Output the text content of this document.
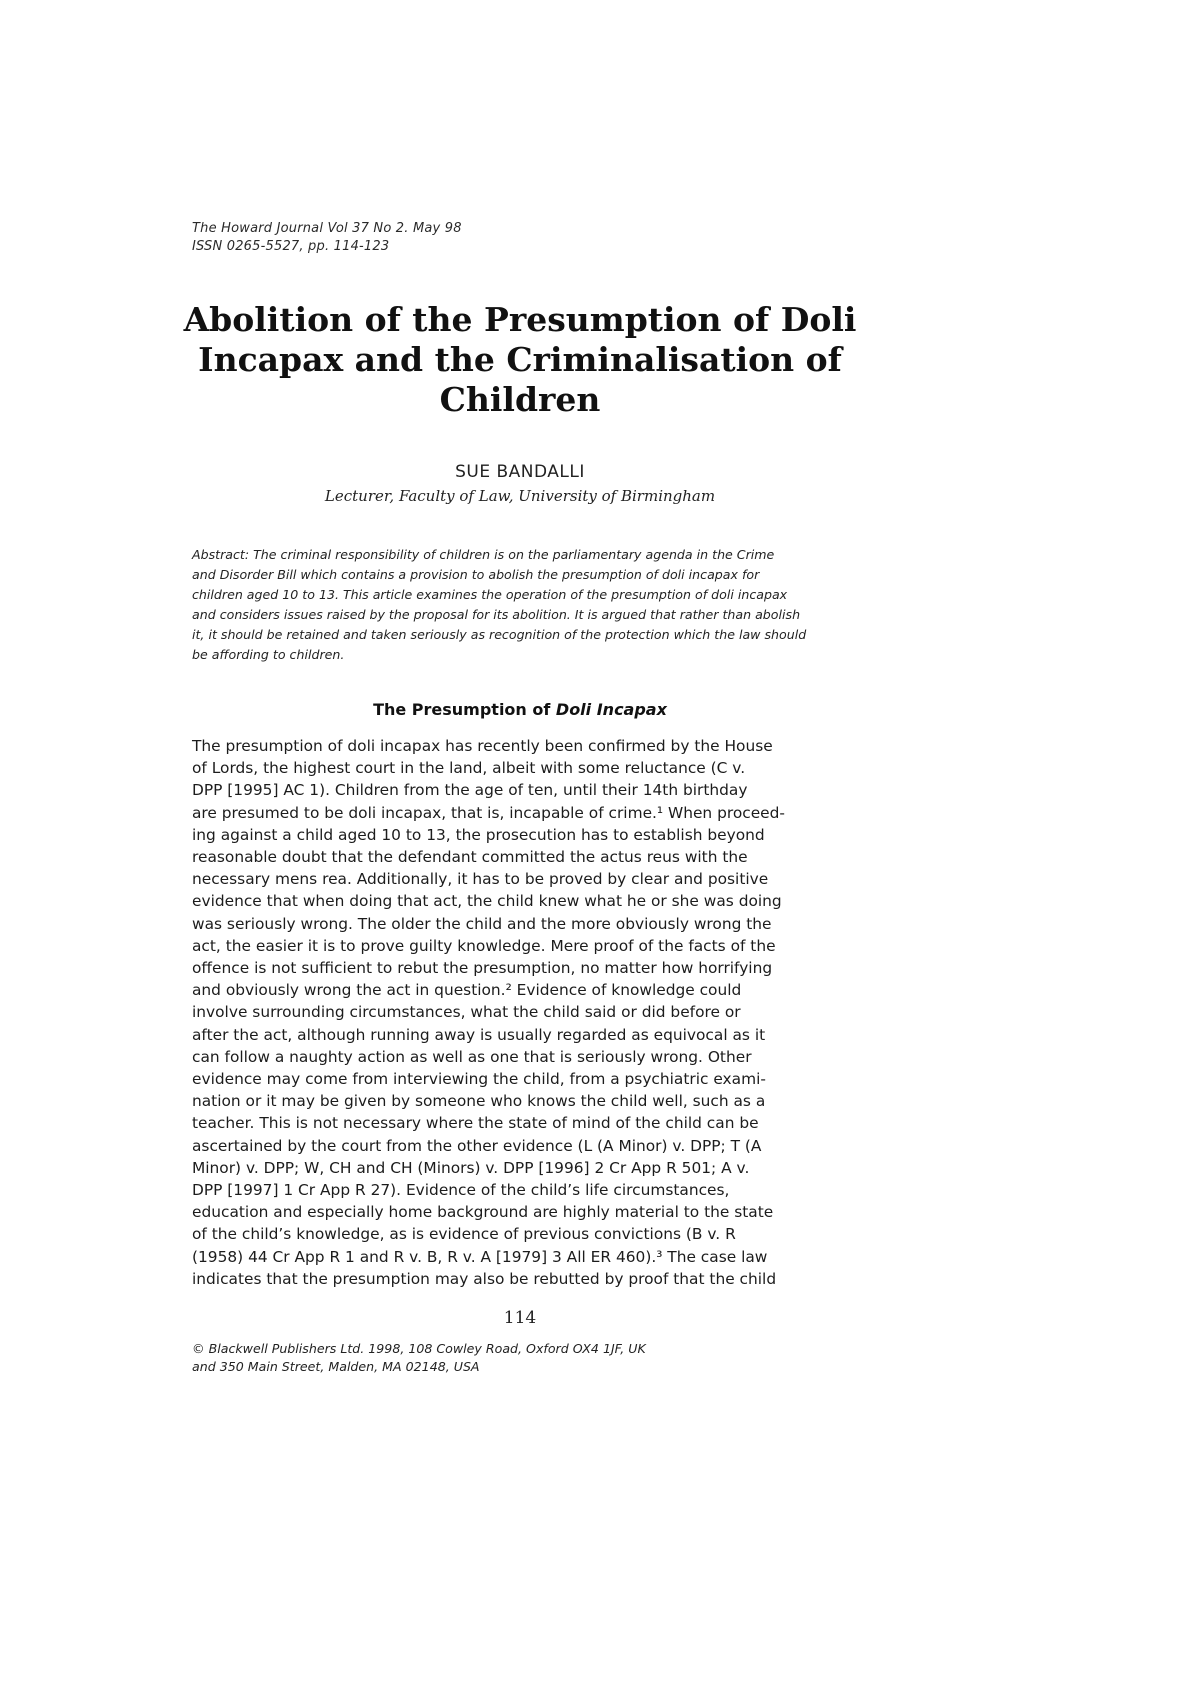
The Howard Journal Vol 37 No 2. May 98
ISSN 0265-5527, pp. 114-123
Abolition of the Presumption of Doli
Incapax and the Criminalisation of
Children
SUE BANDALLI
Lecturer, Faculty of Law, University of Birmingham
Abstract: The criminal responsibility of children is on the parliamentary agenda in the Crime
and Disorder Bill which contains a provision to abolish the presumption of doli incapax for
children aged 10 to 13. This article examines the operation of the presumption of doli incapax
and considers issues raised by the proposal for its abolition. It is argued that rather than abolish
it, it should be retained and taken seriously as recognition of the protection which the law should
be affording to children.
The Presumption of Doli Incapax
The presumption of doli incapax has recently been confirmed by the House
of Lords, the highest court in the land, albeit with some reluctance (C v.
DPP [1995] AC 1). Children from the age of ten, until their 14th birthday
are presumed to be doli incapax, that is, incapable of crime.¹ When proceed-
ing against a child aged 10 to 13, the prosecution has to establish beyond
reasonable doubt that the defendant committed the actus reus with the
necessary mens rea. Additionally, it has to be proved by clear and positive
evidence that when doing that act, the child knew what he or she was doing
was seriously wrong. The older the child and the more obviously wrong the
act, the easier it is to prove guilty knowledge. Mere proof of the facts of the
offence is not sufficient to rebut the presumption, no matter how horrifying
and obviously wrong the act in question.² Evidence of knowledge could
involve surrounding circumstances, what the child said or did before or
after the act, although running away is usually regarded as equivocal as it
can follow a naughty action as well as one that is seriously wrong. Other
evidence may come from interviewing the child, from a psychiatric exami-
nation or it may be given by someone who knows the child well, such as a
teacher. This is not necessary where the state of mind of the child can be
ascertained by the court from the other evidence (L (A Minor) v. DPP; T (A
Minor) v. DPP; W, CH and CH (Minors) v. DPP [1996] 2 Cr App R 501; A v.
DPP [1997] 1 Cr App R 27). Evidence of the child’s life circumstances,
education and especially home background are highly material to the state
of the child’s knowledge, as is evidence of previous convictions (B v. R
(1958) 44 Cr App R 1 and R v. B, R v. A [1979] 3 All ER 460).³ The case law
indicates that the presumption may also be rebutted by proof that the child
114
© Blackwell Publishers Ltd. 1998, 108 Cowley Road, Oxford OX4 1JF, UK
and 350 Main Street, Malden, MA 02148, USA
